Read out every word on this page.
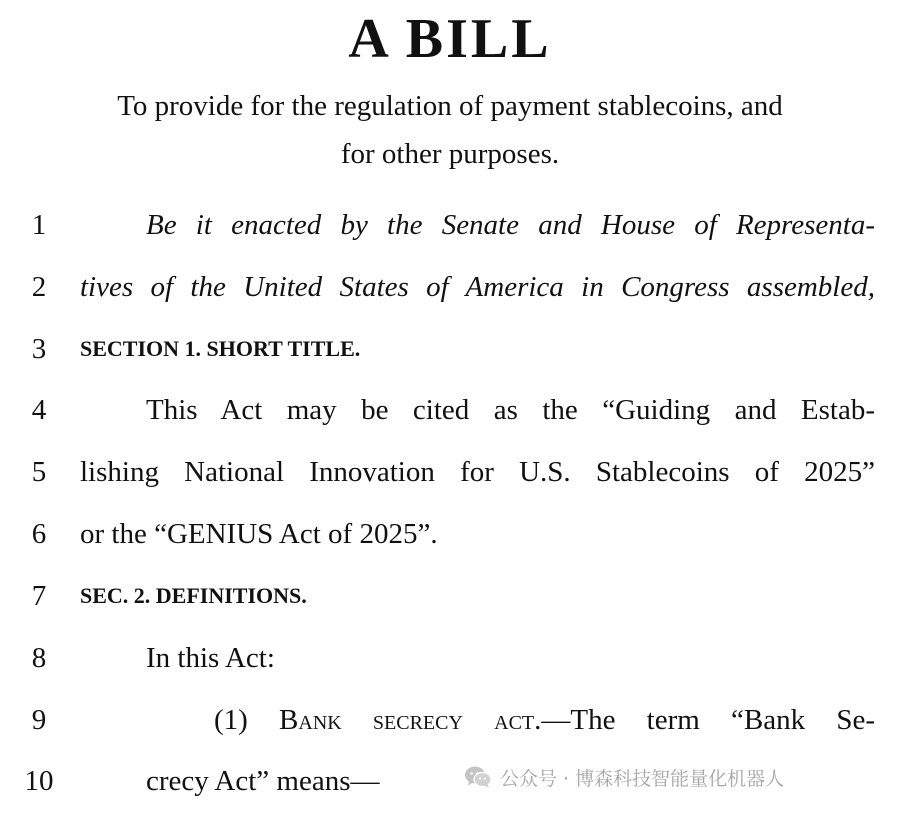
A BILL
To provide for the regulation of payment stablecoins, and
for other purposes.
1	Be it enacted by the Senate and House of Representa-
2	tives of the United States of America in Congress assembled,
3	SECTION 1. SHORT TITLE.
4	This Act may be cited as the “Guiding and Estab-
5	lishing National Innovation for U.S. Stablecoins of 2025”
6	or the “GENIUS Act of 2025”.
7	SEC. 2. DEFINITIONS.
8	In this Act:
9	(1) Bank secrecy act.—The term “Bank Se-
10	crecy Act” means—	公众号 · 博森科技智能量化机器人
